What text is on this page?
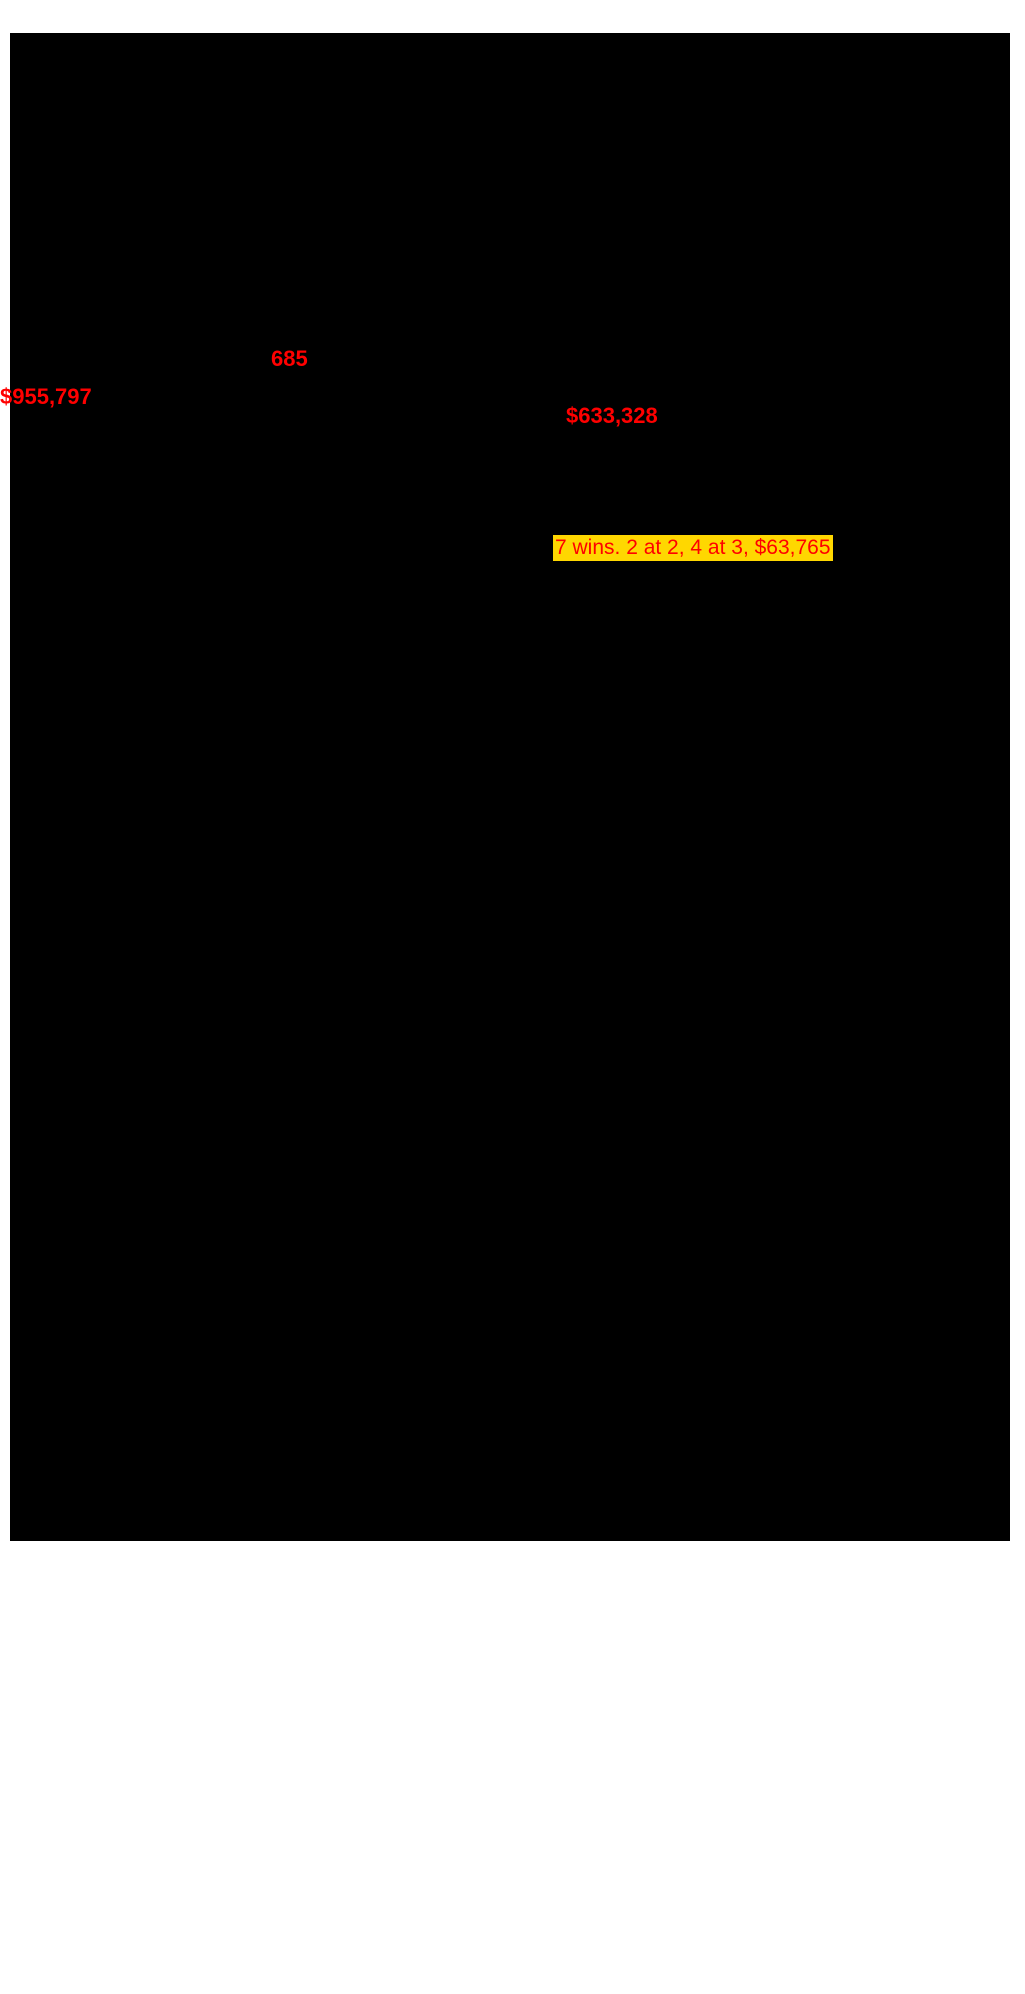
$955,797
685
$633,328
7 wins. 2 at 2, 4 at 3, $63,765
